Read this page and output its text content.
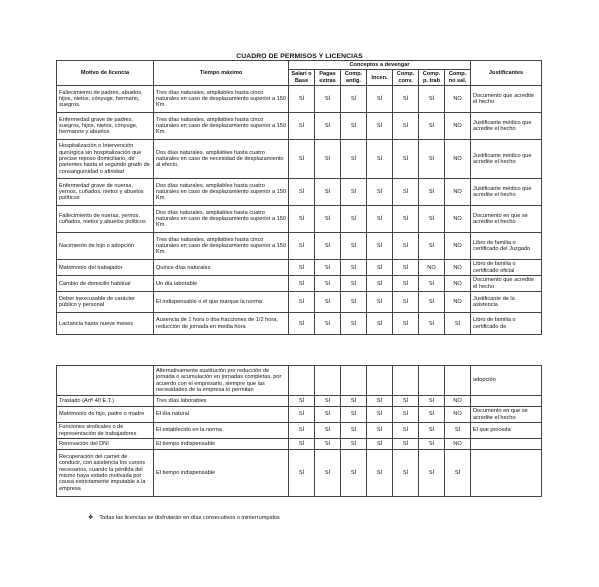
CUADRO DE PERMISOS Y LICENCIAS
Motivo de licencia	Tiempo máximo	Conceptos a devengar							Justificantes
		Salari o Base	Pagas extras	Comp. antig.	Incen.	Comp. conv.	Comp. p. trab	Comp. no sal.	
Fallecimiento de padres, abuelos, hijos, nietos, cónyuge, hermano, suegros.	Tres días naturales, ampliables hasta cinco naturales en caso de desplazamiento superior a 150 Km.	SÍ	SÍ	SÍ	SÍ	SÍ	SÍ	NO	Documento que acredite el hecho
Enfermedad grave de padres, suegros, hijos, nietos, cónyuge, hermanos y abuelos	Tres días naturales, ampliables hasta cinco naturales en caso de desplazamiento superior a 150 Km.	SÍ	SÍ	SÍ	SÍ	SÍ	SÍ	NO	Justificante médico que acredite el hecho
Hospitalización o Intervención quirúrgica sin hospitalización que precise reposo domiciliario, de parientes hasta el segundo grado de consanguinidad o afinidad	Dos días naturales, ampliables hasta cuatro naturales en caso de necesidad de desplazamiento al efecto.	SÍ	SÍ	SÍ	SÍ	SÍ	SÍ	NO	Justificante médico que acredite el hecho
Enfermedad grave de nueras, yernos, cuñados, nietos y abuelos políticos	Dos días naturales, ampliables hasta cuatro naturales en caso de desplazamiento superior a 150 Km.	SÍ	SÍ	SÍ	SÍ	SÍ	SÍ	NO	Justificante médico que acredite el hecho
Fallecimiento de nueras, yernos, cuñados, nietos y abuelos políticos	Dos días naturales, ampliables hasta cuatro naturales en caso de desplazamiento superior a 150 Km.	SÍ	SÍ	SÍ	SÍ	SÍ	SÍ	NO	Documento en que se acredite el hecho
Nacimiento de hijo o adopción	Tres días naturales, ampliables hasta cinco naturales en caso de desplazamiento superior a 150 Km.	SÍ	SÍ	SÍ	SÍ	SÍ	SÍ	NO	Libro de familia o certificado del Juzgado
Matrimonio del trabajador	Quince días naturales	SÍ	SÍ	SÍ	SÍ	SÍ	NO	NO	Libro de familia o certificado oficial
Cambio de domicilio habitual	Un día laborable	SÍ	SÍ	SÍ	SÍ	SÍ	SÍ	NO	Documento que acredite el hecho
Deber inexcusable de carácter público y personal	El indispensable o el que marque la norma	SÍ	SÍ	SÍ	SÍ	SÍ	SÍ	NO	Justificante de la asistencia
Lactancia hasta nueve meses	Ausencia de 1 hora o dos fracciones de 1/2 hora; reducción de jornada en media hora	SÍ	SÍ	SÍ	SÍ	SÍ	SÍ	SÍ	Libro de familia o certificado de
	Alternativamente sustitución por reducción de jornada o acumulación en jornadas completas, por acuerdo con el empresario, siempre que las necesidades de la empresa lo permitan								adopción
Traslado (Artº 40 E.T.)	Tres días laborables	SÍ	SÍ	SÍ	SÍ	SÍ	SÍ	NO	
Matrimonio de hijo, padre o madre	El día natural	SÍ	SÍ	SÍ	SÍ	SÍ	SÍ	NO	Documento en que se acredite el hecho
Funciones sindicales o de representación de trabajadores	El establecido en la norma	SÍ	SÍ	SÍ	SÍ	SÍ	SÍ	SÍ	El que proceda
Renovación del DNI	El tiempo indispensable	SÍ	SÍ	SÍ	SÍ	SÍ	SÍ	NO	
Recuperación del carnet de conducir, con asistencia los cursos necesarios, cuando la pérdida del mismo haya estado motivada por causa estrictamente imputable a la empresa	El tiempo indispensable	SÍ	SÍ	SÍ	SÍ	SÍ	SÍ	SÍ	
❖ Todas las licencias se disfrutarán en días consecutivos o ininterrumpidos
